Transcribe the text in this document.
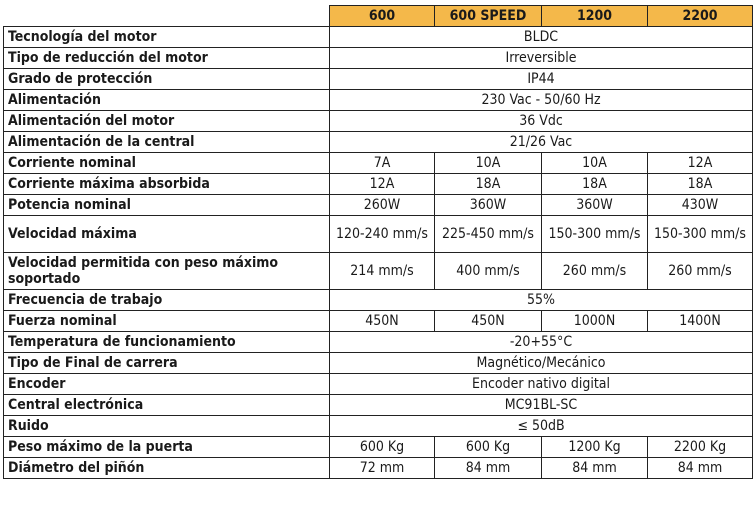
	600	600 SPEED	1200	2200
Tecnología del motor	BLDC			
Tipo de reducción del motor	Irreversible			
Grado de protección	IP44			
Alimentación	230 Vac - 50/60 Hz			
Alimentación del motor	36 Vdc			
Alimentación de la central	21/26 Vac			
Corriente nominal	7A	10A	10A	12A
Corriente máxima absorbida	12A	18A	18A	18A
Potencia nominal	260W	360W	360W	430W
Velocidad máxima	120-240 mm/s	225-450 mm/s	150-300 mm/s	150-300 mm/s
Velocidad permitida con peso máximo soportado	214 mm/s	400 mm/s	260 mm/s	260 mm/s
Frecuencia de trabajo	55%			
Fuerza nominal	450N	450N	1000N	1400N
Temperatura de funcionamiento	-20+55°C			
Tipo de Final de carrera	Magnético/Mecánico			
Encoder	Encoder nativo digital			
Central electrónica	MC91BL-SC			
Ruido	≤ 50dB			
Peso máximo de la puerta	600 Kg	600 Kg	1200 Kg	2200 Kg
Diámetro del piñón	72 mm	84 mm	84 mm	84 mm
